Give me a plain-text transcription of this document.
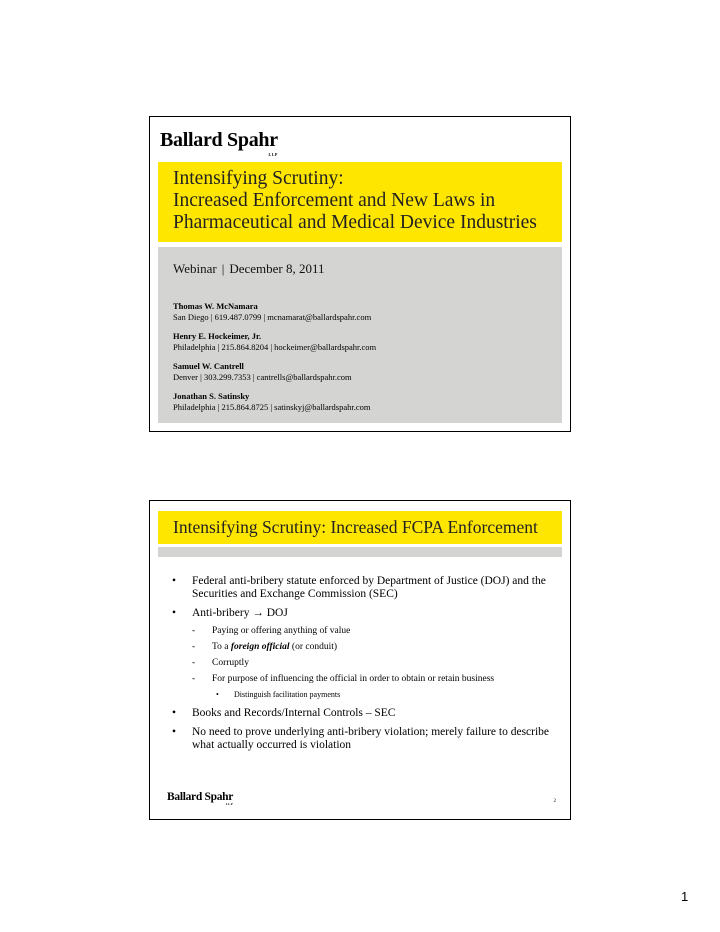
Ballard Spahr
LLP
Intensifying Scrutiny:
Increased Enforcement and New Laws in
Pharmaceutical and Medical Device Industries
Webinar | December 8, 2011
Thomas W. McNamara
San Diego | 619.487.0799 | mcnamarat@ballardspahr.com
Henry E. Hockeimer, Jr.
Philadelphia | 215.864.8204 | hockeimer@ballardspahr.com
Samuel W. Cantrell
Denver | 303.299.7353 | cantrells@ballardspahr.com
Jonathan S. Satinsky
Philadelphia | 215.864.8725 | satinskyj@ballardspahr.com
Intensifying Scrutiny: Increased FCPA Enforcement
• Federal anti-bribery statute enforced by Department of Justice (DOJ) and the Securities and Exchange Commission (SEC)
• Anti-bribery → DOJ
- Paying or offering anything of value
- To a foreign official (or conduit)
- Corruptly
- For purpose of influencing the official in order to obtain or retain business
• Distinguish facilitation payments
• Books and Records/Internal Controls – SEC
• No need to prove underlying anti-bribery violation; merely failure to describe what actually occurred is violation
Ballard Spahr
LLP	2
1
